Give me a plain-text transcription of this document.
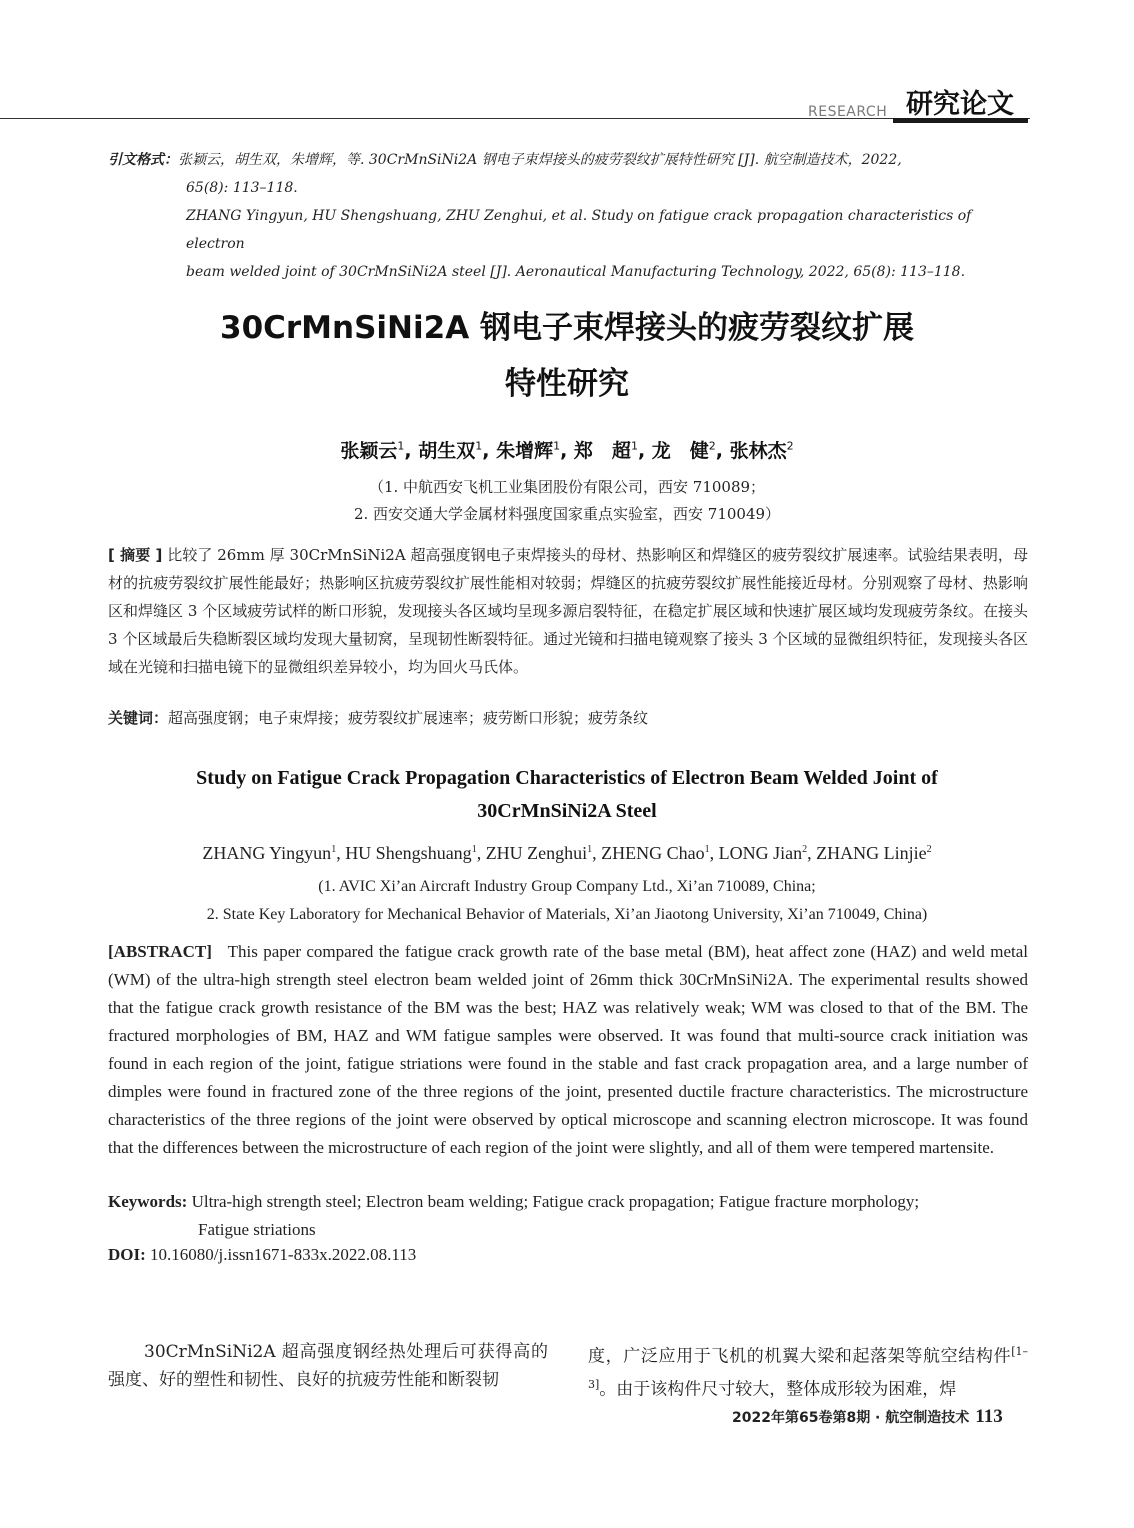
RESEARCH 研究论文
引文格式：张颖云，胡生双，朱增辉，等. 30CrMnSiNi2A 钢电子束焊接头的疲劳裂纹扩展特性研究 [J]. 航空制造技术，2022,
65(8): 113–118.
ZHANG Yingyun, HU Shengshuang, ZHU Zenghui, et al. Study on fatigue crack propagation characteristics of electron
beam welded joint of 30CrMnSiNi2A steel [J]. Aeronautical Manufacturing Technology, 2022, 65(8): 113–118.
30CrMnSiNi2A 钢电子束焊接头的疲劳裂纹扩展
特性研究
张颖云$^1$, 胡生双$^1$, 朱增辉$^1$, 郑　超$^1$, 龙　健$^2$, 张林杰$^2$
（1. 中航西安飞机工业集团股份有限公司，西安 710089；
2. 西安交通大学金属材料强度国家重点实验室，西安 710049）
[ 摘要 ] 比较了 26mm 厚 30CrMnSiNi2A 超高强度钢电子束焊接头的母材、热影响区和焊缝区的疲劳裂纹扩展速率。试验结果表明，母材的抗疲劳裂纹扩展性能最好；热影响区抗疲劳裂纹扩展性能相对较弱；焊缝区的抗疲劳裂纹扩展性能接近母材。分别观察了母材、热影响区和焊缝区 3 个区域疲劳试样的断口形貌，发现接头各区域均呈现多源启裂特征，在稳定扩展区域和快速扩展区域均发现疲劳条纹。在接头 3 个区域最后失稳断裂区域均发现大量韧窝，呈现韧性断裂特征。通过光镜和扫描电镜观察了接头 3 个区域的显微组织特征，发现接头各区域在光镜和扫描电镜下的显微组织差异较小，均为回火马氏体。
关键词：超高强度钢；电子束焊接；疲劳裂纹扩展速率；疲劳断口形貌；疲劳条纹
Study on Fatigue Crack Propagation Characteristics of Electron Beam Welded Joint of
30CrMnSiNi2A Steel
ZHANG Yingyun$^1$, HU Shengshuang$^1$, ZHU Zenghui$^1$, ZHENG Chao$^1$, LONG Jian$^2$, ZHANG Linjie$^2$
(1. AVIC Xi’an Aircraft Industry Group Company Ltd., Xi’an 710089, China;
2. State Key Laboratory for Mechanical Behavior of Materials, Xi’an Jiaotong University, Xi’an 710049, China)
[ABSTRACT] This paper compared the fatigue crack growth rate of the base metal (BM), heat affect zone (HAZ) and weld metal (WM) of the ultra-high strength steel electron beam welded joint of 26mm thick 30CrMnSiNi2A. The experimental results showed that the fatigue crack growth resistance of the BM was the best; HAZ was relatively weak; WM was closed to that of the BM. The fractured morphologies of BM, HAZ and WM fatigue samples were observed. It was found that multi-source crack initiation was found in each region of the joint, fatigue striations were found in the stable and fast crack propagation area, and a large number of dimples were found in fractured zone of the three regions of the joint, presented ductile fracture characteristics. The microstructure characteristics of the three regions of the joint were observed by optical microscope and scanning electron microscope. It was found that the differences between the microstructure of each region of the joint were slightly, and all of them were tempered martensite.
Keywords: Ultra-high strength steel; Electron beam welding; Fatigue crack propagation; Fatigue fracture morphology;
Fatigue striations
DOI: 10.16080/j.issn1671-833x.2022.08.113
30CrMnSiNi2A 超高强度钢经热处理后可获得高的强度、好的塑性和韧性、良好的抗疲劳性能和断裂韧
度，广泛应用于飞机的机翼大梁和起落架等航空结构件[1–3]。由于该构件尺寸较大，整体成形较为困难，焊
2022年第65卷第8期 · 航空制造技术 113
